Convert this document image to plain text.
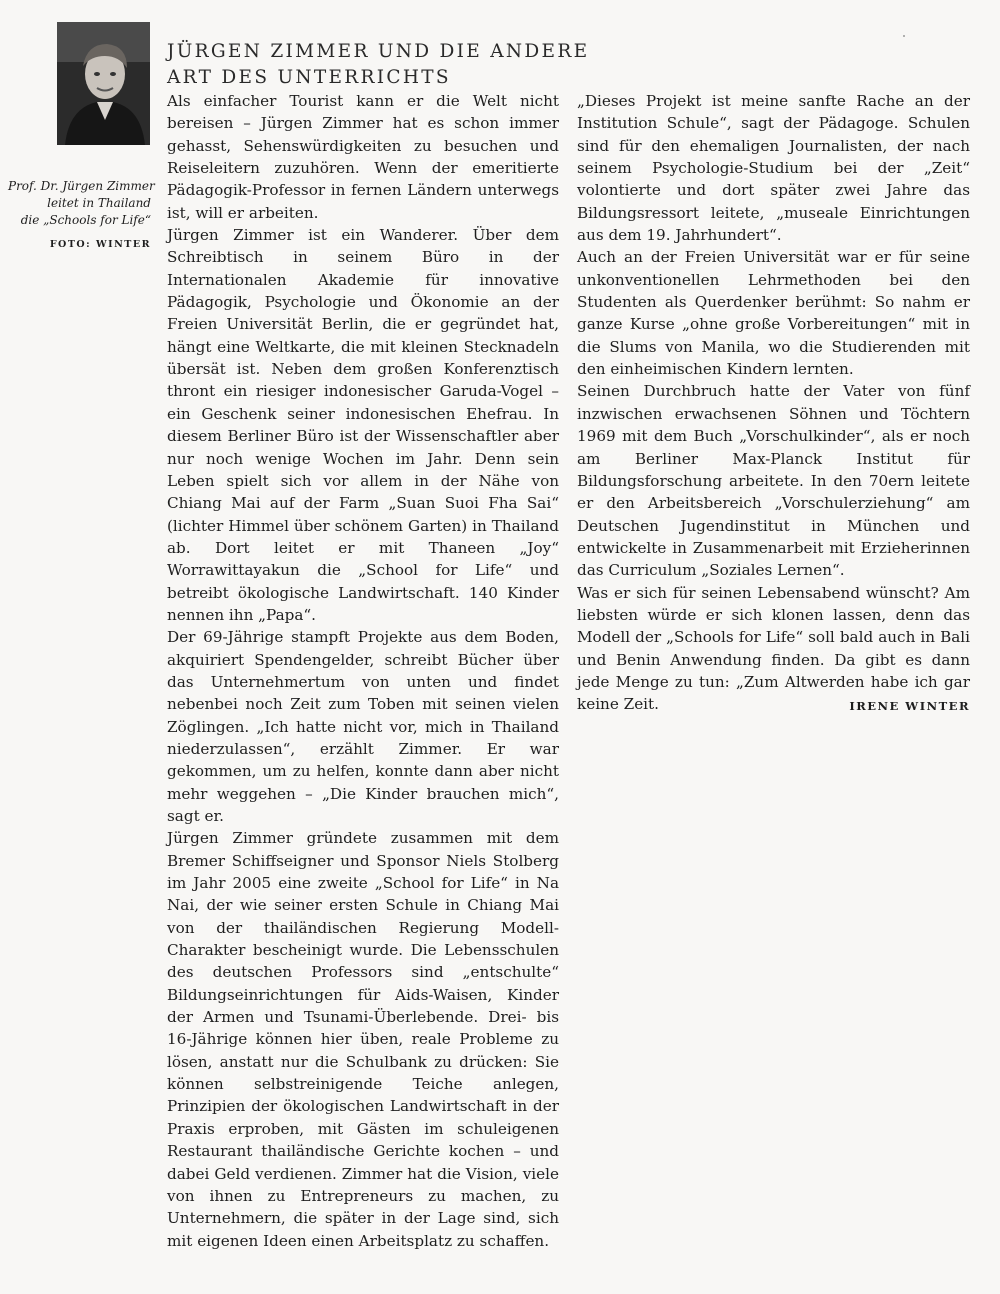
Prof. Dr. Jürgen Zimmer
leitet in Thailand
die „Schools for Life“
FOTO: WINTER
JÜRGEN ZIMMER UND DIE ANDERE
ART DES UNTERRICHTS

Als einfacher Tourist kann er die Welt nicht bereisen – Jürgen Zimmer hat es schon immer gehasst, Sehenswürdigkeiten zu besuchen und Reiseleitern zuzuhören. Wenn der emeritierte Pädagogik-Professor in fernen Ländern unterwegs ist, will er arbeiten.

Jürgen Zimmer ist ein Wanderer. Über dem Schreibtisch in seinem Büro in der Internationalen Akademie für innovative Pädagogik, Psychologie und Ökonomie an der Freien Universität Berlin, die er gegründet hat, hängt eine Weltkarte, die mit kleinen Stecknadeln übersät ist. Neben dem großen Konferenztisch thront ein riesiger indonesischer Garuda-Vogel – ein Geschenk seiner indonesischen Ehefrau. In diesem Berliner Büro ist der Wissenschaftler aber nur noch wenige Wochen im Jahr. Denn sein Leben spielt sich vor allem in der Nähe von Chiang Mai auf der Farm „Suan Suoi Fha Sai“ (lichter Himmel über schönem Garten) in Thailand ab. Dort leitet er mit Thaneen „Joy“ Worrawittayakun die „School for Life“ und betreibt ökologische Landwirtschaft. 140 Kinder nennen ihn „Papa“.

Der 69-Jährige stampft Projekte aus dem Boden, akquiriert Spendengelder, schreibt Bücher über das Unternehmertum von unten und findet nebenbei noch Zeit zum Toben mit seinen vielen Zöglingen. „Ich hatte nicht vor, mich in Thailand niederzulassen“, erzählt Zimmer. Er war gekommen, um zu helfen, konnte dann aber nicht mehr weggehen – „Die Kinder brauchen mich“, sagt er.

Jürgen Zimmer gründete zusammen mit dem Bremer Schiffseigner und Sponsor Niels Stolberg im Jahr 2005 eine zweite „School for Life“ in Na Nai, der wie seiner ersten Schule in Chiang Mai von der thailändischen Regierung Modell-Charakter bescheinigt wurde. Die Lebensschulen des deutschen Professors sind „entschulte“ Bildungseinrichtungen für Aids-Waisen, Kinder der Armen und Tsunami-Überlebende. Drei- bis 16-Jährige können hier üben, reale Probleme zu lösen, anstatt nur die Schulbank zu drücken: Sie können selbstreinigende Teiche anlegen, Prinzipien der ökologischen Landwirtschaft in der Praxis erproben, mit Gästen im schuleigenen Restaurant thailändische Gerichte kochen – und dabei Geld verdienen. Zimmer hat die Vision, viele von ihnen zu Entrepreneurs zu machen, zu Unternehmern, die später in der Lage sind, sich mit eigenen Ideen einen Arbeitsplatz zu schaffen.

„Dieses Projekt ist meine sanfte Rache an der Institution Schule“, sagt der Pädagoge. Schulen sind für den ehemaligen Journalisten, der nach seinem Psychologie-Studium bei der „Zeit“ volontierte und dort später zwei Jahre das Bildungsressort leitete, „museale Einrichtungen aus dem 19. Jahrhundert“.

Auch an der Freien Universität war er für seine unkonventionellen Lehrmethoden bei den Studenten als Querdenker berühmt: So nahm er ganze Kurse „ohne große Vorbereitungen“ mit in die Slums von Manila, wo die Studierenden mit den einheimischen Kindern lernten.

Seinen Durchbruch hatte der Vater von fünf inzwischen erwachsenen Söhnen und Töchtern 1969 mit dem Buch „Vorschulkinder“, als er noch am Berliner Max-Planck Institut für Bildungsforschung arbeitete. In den 70ern leitete er den Arbeitsbereich „Vorschulerziehung“ am Deutschen Jugendinstitut in München und entwickelte in Zusammenarbeit mit Erzieherinnen das Curriculum „Soziales Lernen“.

Was er sich für seinen Lebensabend wünscht? Am liebsten würde er sich klonen lassen, denn das Modell der „Schools for Life“ soll bald auch in Bali und Benin Anwendung finden. Da gibt es dann jede Menge zu tun: „Zum Altwerden habe ich gar keine Zeit.	IRENE WINTER
